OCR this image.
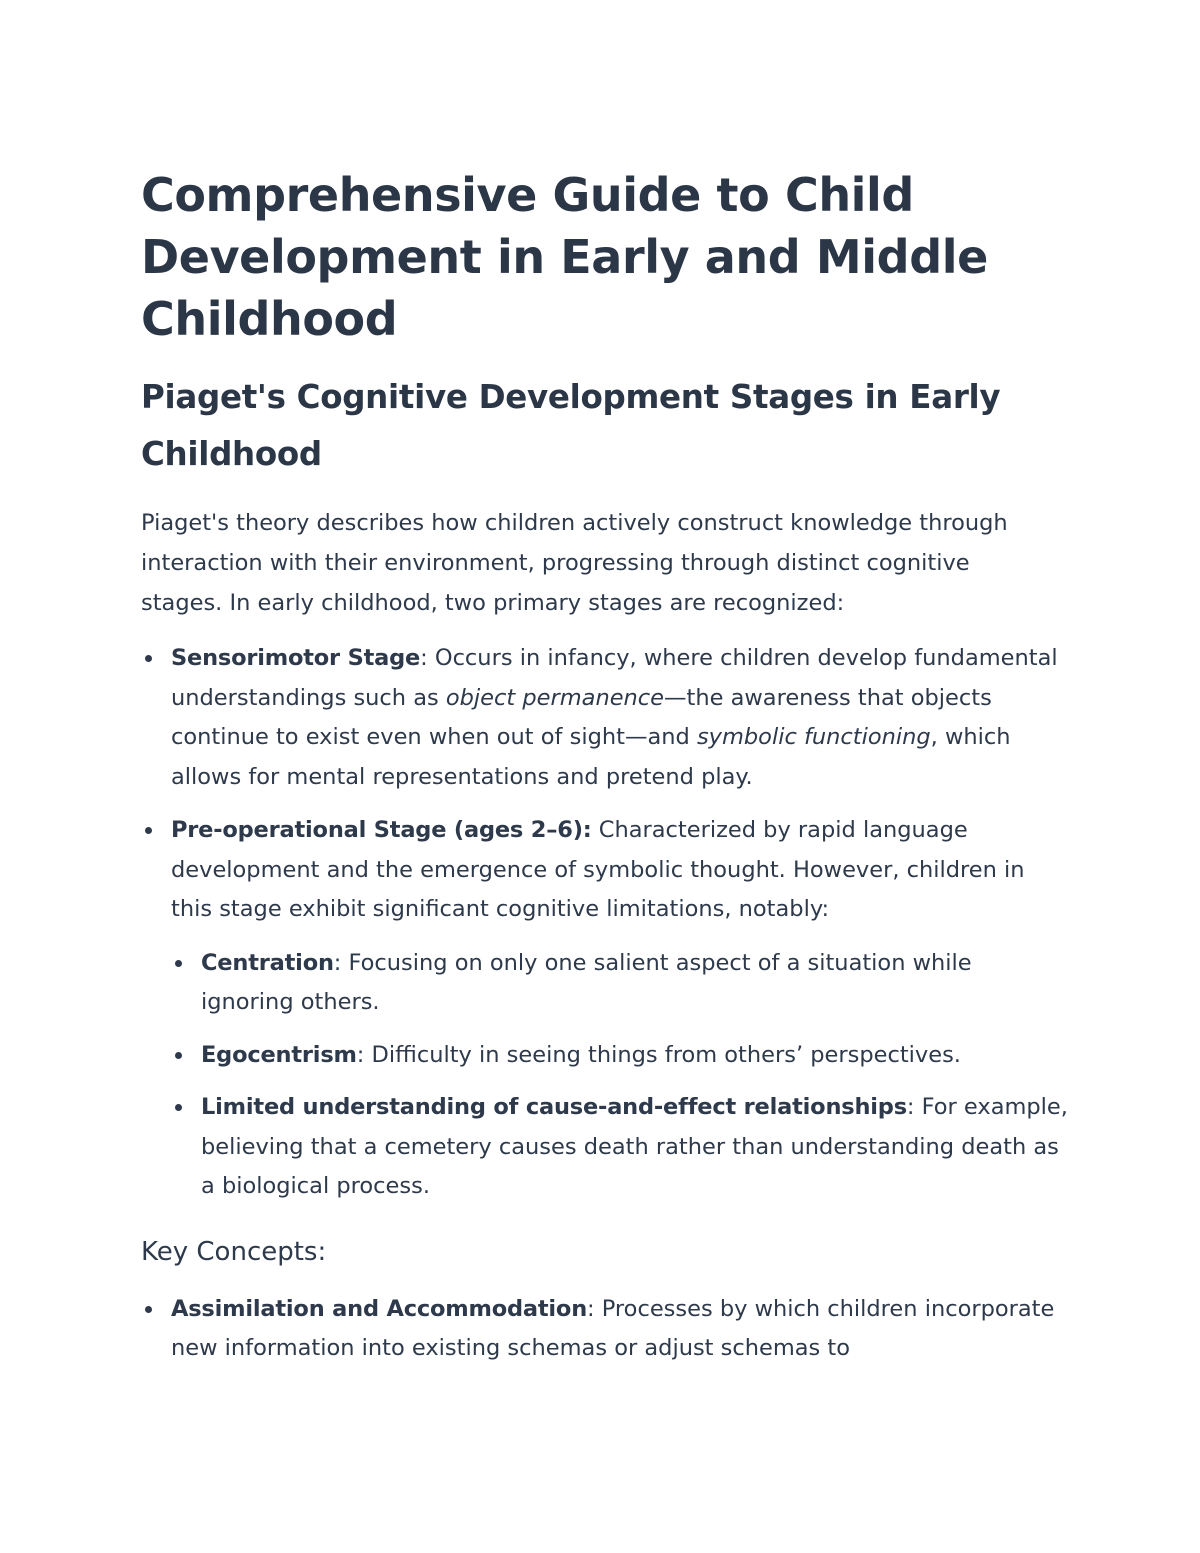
Comprehensive Guide to Child Development in Early and Middle Childhood
Piaget's Cognitive Development Stages in Early Childhood

Piaget's theory describes how children actively construct knowledge through interaction with their environment, progressing through distinct cognitive stages. In early childhood, two primary stages are recognized:

Sensorimotor Stage: Occurs in infancy, where children develop fundamental understandings such as object permanence—the awareness that objects continue to exist even when out of sight—and symbolic functioning, which allows for mental representations and pretend play.
Pre-operational Stage (ages 2–6): Characterized by rapid language development and the emergence of symbolic thought. However, children in this stage exhibit significant cognitive limitations, notably:
Centration: Focusing on only one salient aspect of a situation while ignoring others.
Egocentrism: Difficulty in seeing things from others’ perspectives.
Limited understanding of cause-and-effect relationships: For example, believing that a cemetery causes death rather than understanding death as a biological process.
Key Concepts:
Assimilation and Accommodation: Processes by which children incorporate new information into existing schemas or adjust schemas to
